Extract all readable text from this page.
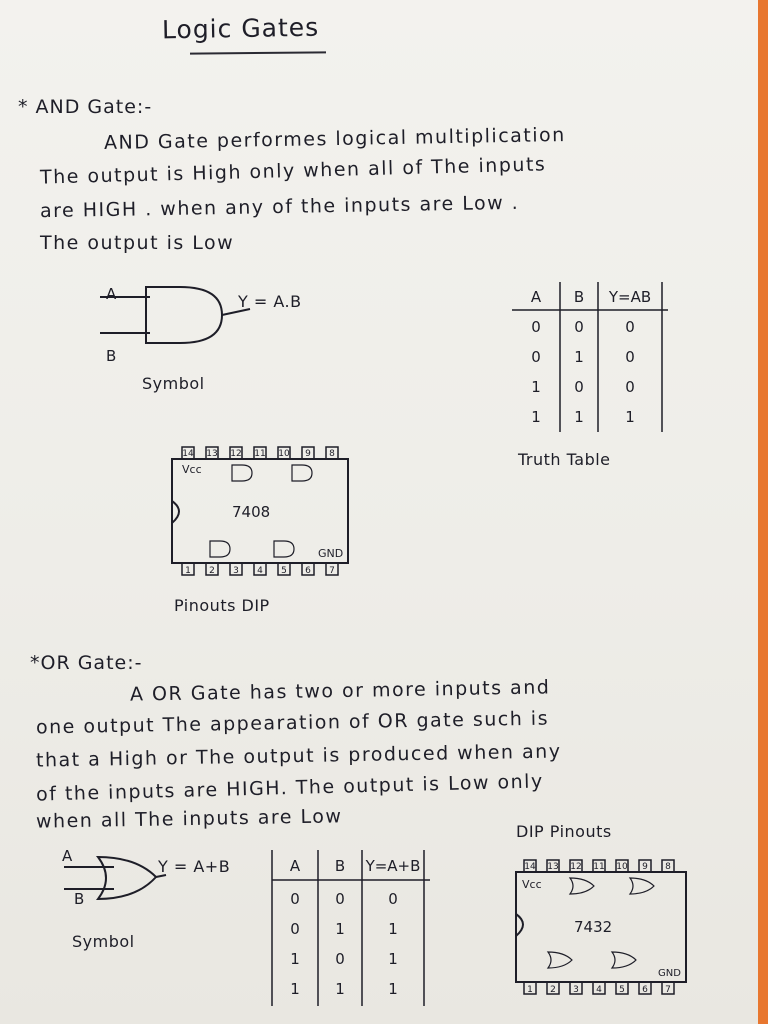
Logic Gates
* AND Gate:-
AND Gate performes logical multiplication
The output is High only when all of The inputs
are HIGH . when any of the inputs are Low .
The output is Low
A
B
Y = A.B
Symbol
A B Y=AB
0 0	0
0 1	0
1 0	0
1 1	1
Truth Table
14 13 12 11 10 9 8
1 2 3 4 5 6 7
Vcc
GND
7408
Pinouts DIP
*OR Gate:-
A OR Gate has two or more inputs and
one output The appearation of OR gate such is
that a High or The output is produced when any
of the inputs are HIGH. The output is Low only
when all The inputs are Low
A
B
Y = A+B
Symbol
A B Y=A+B
0 0	0
0 1	1
1 0	1
1 1	1
DIP Pinouts
14 13 12 11 10 9 8
1 2 3 4 5 6 7
Vcc
GND
7432
